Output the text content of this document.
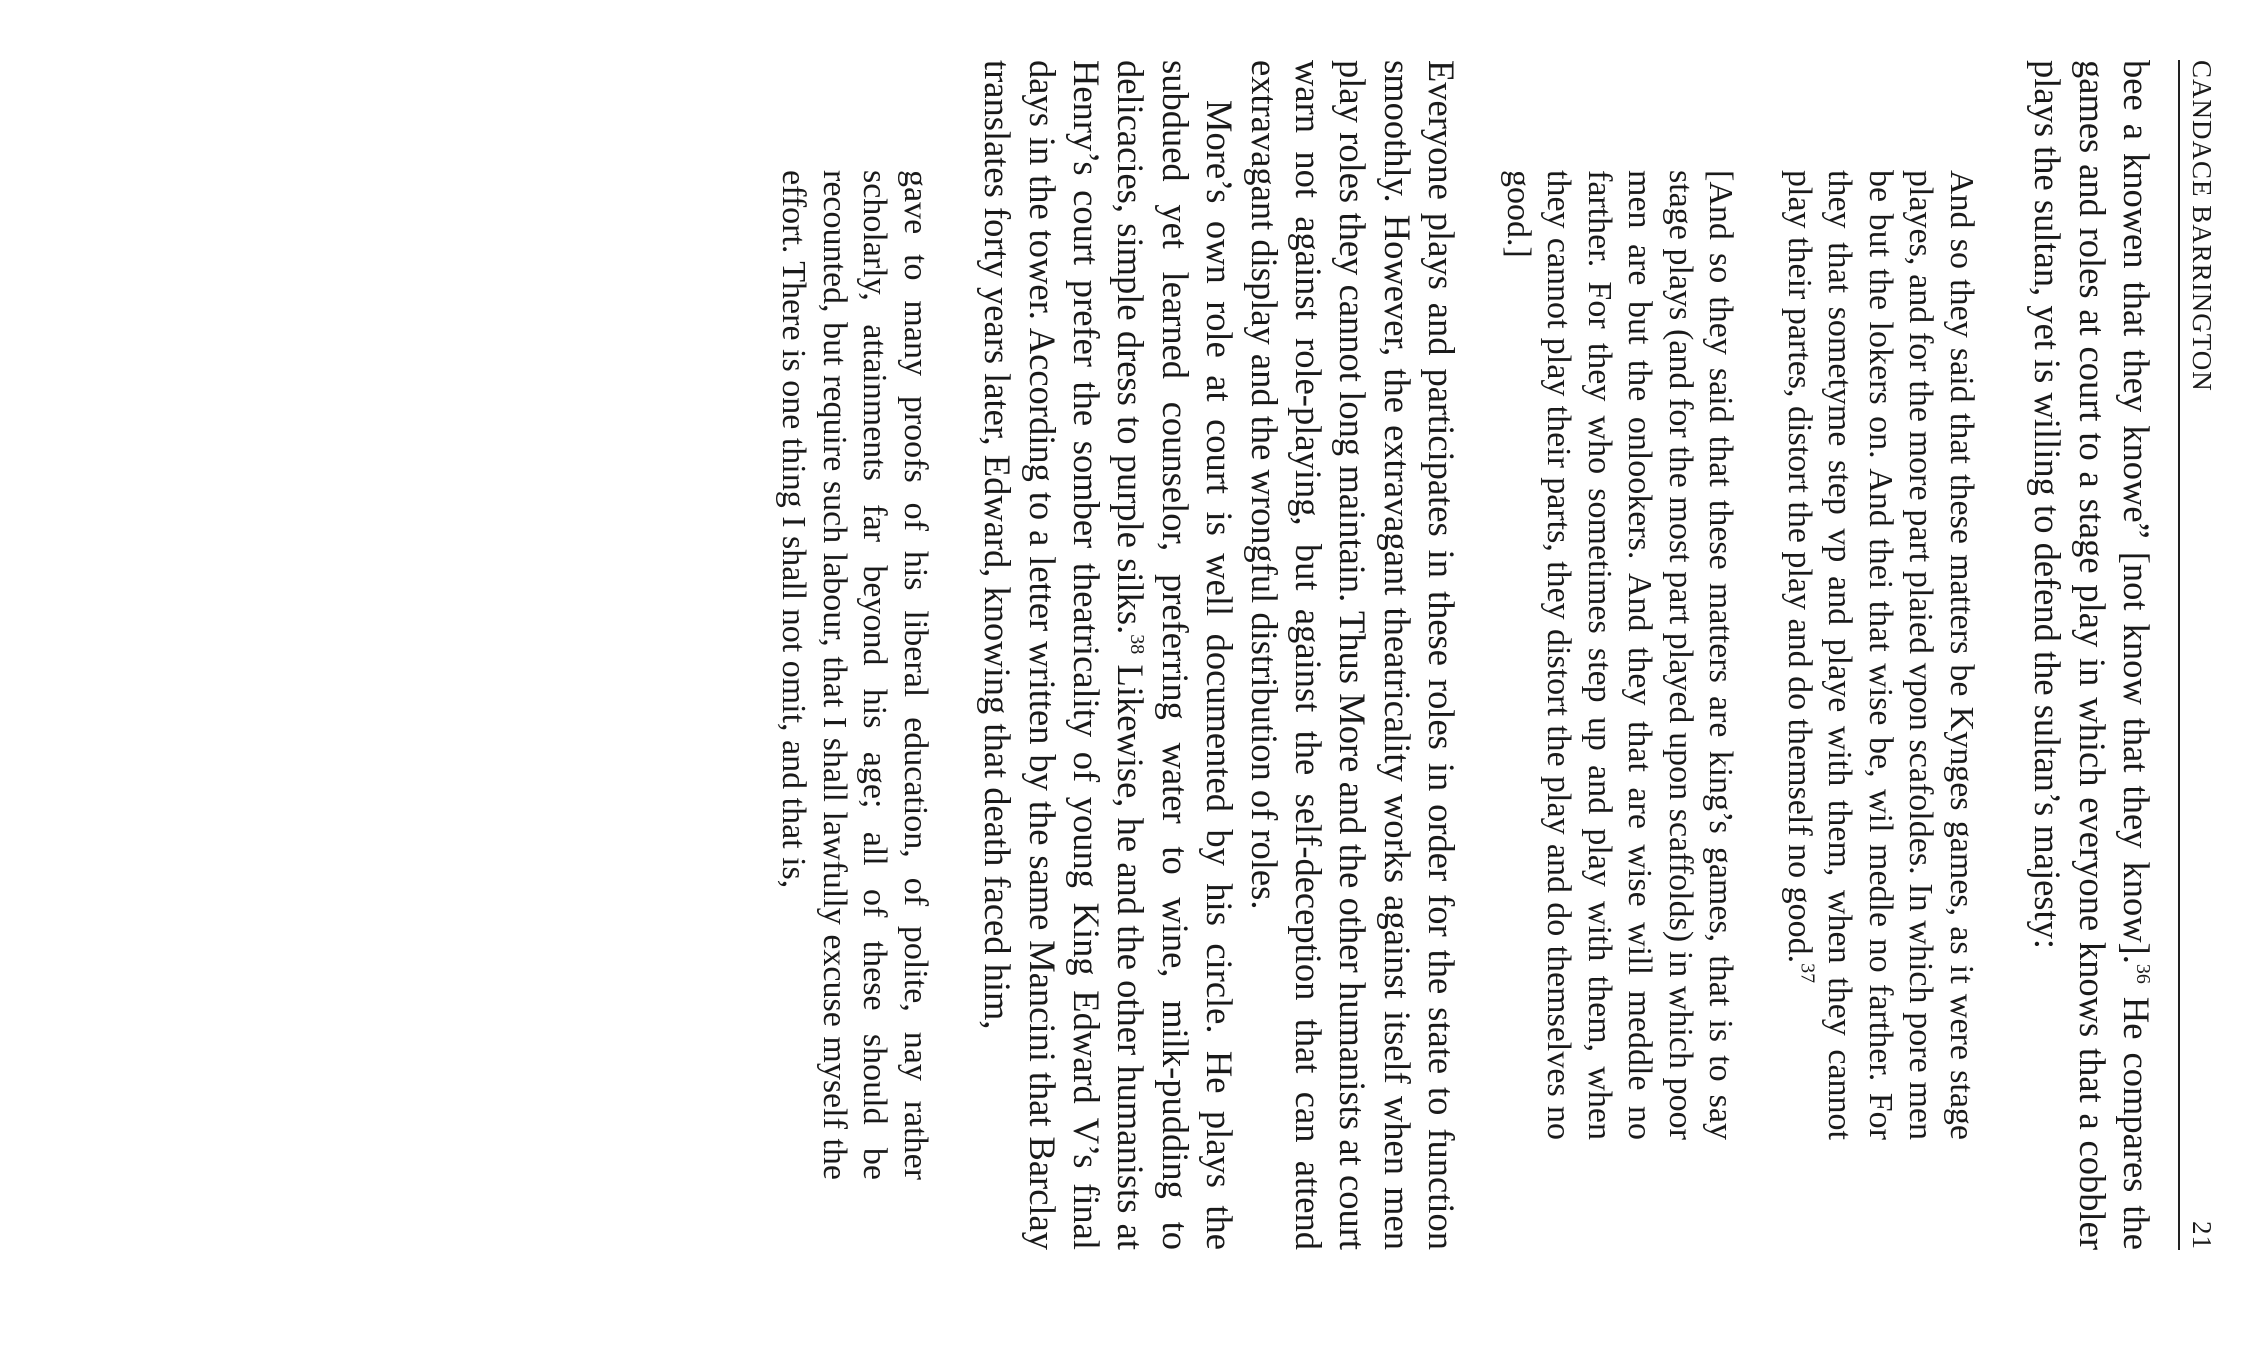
CANDACE BARRINGTON
21

bee a knowen that they knowe” [not know that they know].$^{36}$ He compares the games and roles at court to a stage play in which everyone knows that a cobbler plays the sultan, yet is willing to defend the sultan’s majesty:

And so they said that these matters be Kynges games, as it were stage playes, and for the more part plaied vpon scafoldes. In which pore men be but the lokers on. And thei that wise be, wil medle no farther. For they that sometyme step vp and playe with them, when they cannot play their partes, distort the play and do themself no good.$^{37}$

[And so they said that these matters are king’s games, that is to say stage plays (and for the most part played upon scaffolds) in which poor men are but the onlookers. And they that are wise will meddle no farther. For they who sometimes step up and play with them, when they cannot play their parts, they distort the play and do themselves no good.]

Everyone plays and participates in these roles in order for the state to function smoothly. However, the extravagant theatricality works against itself when men play roles they cannot long maintain. Thus More and the other humanists at court warn not against role-playing, but against the self-deception that can attend extravagant display and the wrongful distribution of roles.

More’s own role at court is well documented by his circle. He plays the subdued yet learned counselor, preferring water to wine, milk-pudding to delicacies, simple dress to purple silks.$^{38}$ Likewise, he and the other humanists at Henry’s court prefer the somber theatricality of young King Edward V’s final days in the tower. According to a letter written by the same Mancini that Barclay translates forty years later, Edward, knowing that death faced him,

gave to many proofs of his liberal education, of polite, nay rather scholarly, attainments far beyond his age; all of these should be recounted, but require such labour, that I shall lawfully excuse myself the effort. There is one thing I shall not omit, and that is,
